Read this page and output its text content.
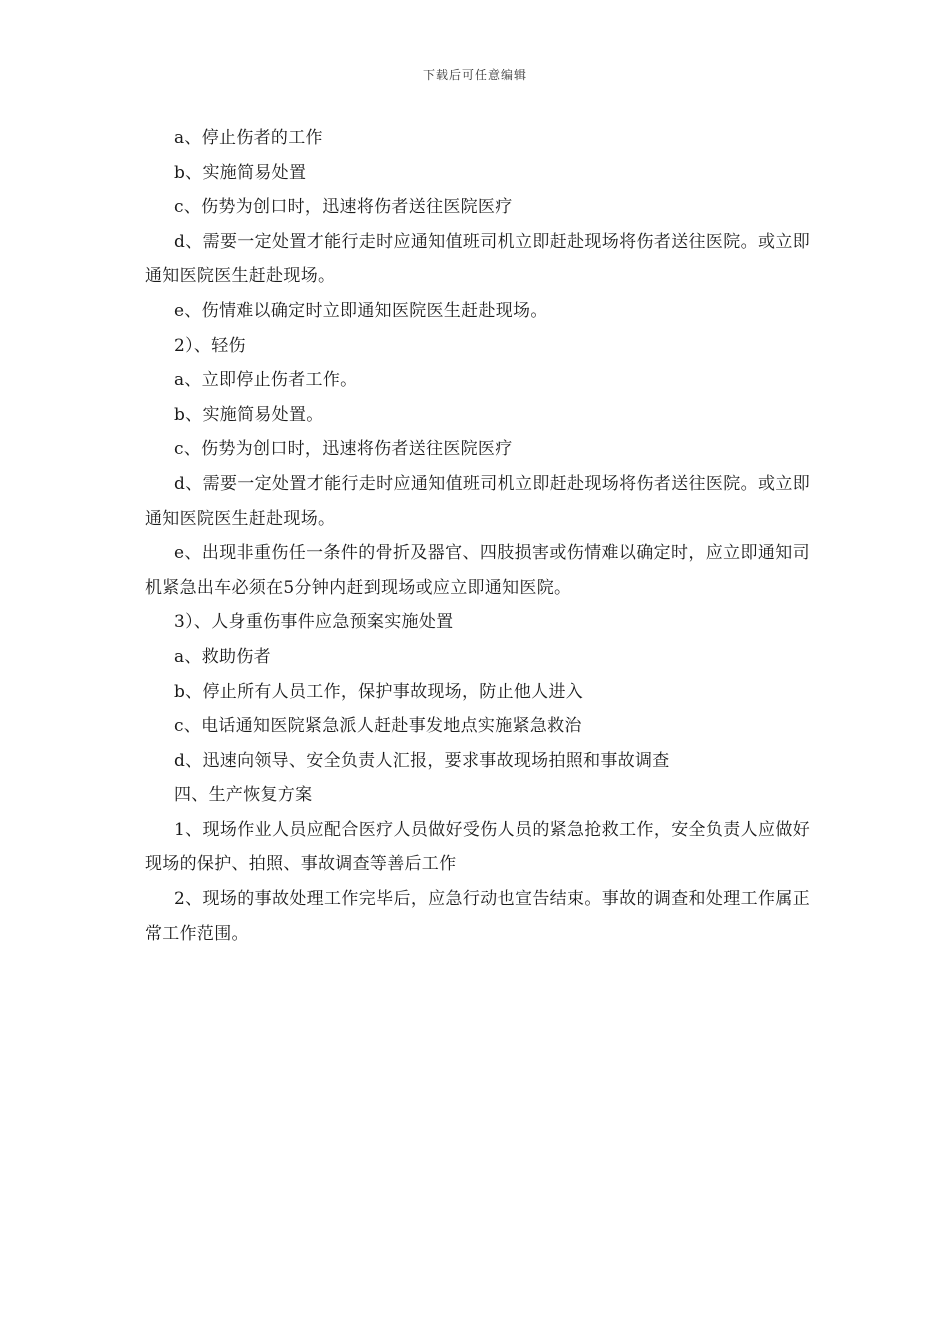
下载后可任意编辑

a、停止伤者的工作

b、实施简易处置

c、伤势为创口时，迅速将伤者送往医院医疗

d、需要一定处置才能行走时应通知值班司机立即赶赴现场将伤者送往医院。或立即通知医院医生赶赴现场。

e、伤情难以确定时立即通知医院医生赶赴现场。

2）、轻伤

a、立即停止伤者工作。

b、实施简易处置。

c、伤势为创口时，迅速将伤者送往医院医疗

d、需要一定处置才能行走时应通知值班司机立即赶赴现场将伤者送往医院。或立即通知医院医生赶赴现场。

e、出现非重伤任一条件的骨折及器官、四肢损害或伤情难以确定时，应立即通知司机紧急出车必须在5分钟内赶到现场或应立即通知医院。

3）、人身重伤事件应急预案实施处置

a、救助伤者

b、停止所有人员工作，保护事故现场，防止他人进入

c、电话通知医院紧急派人赶赴事发地点实施紧急救治

d、迅速向领导、安全负责人汇报，要求事故现场拍照和事故调查

四、生产恢复方案

1、现场作业人员应配合医疗人员做好受伤人员的紧急抢救工作，安全负责人应做好现场的保护、拍照、事故调查等善后工作

2、现场的事故处理工作完毕后，应急行动也宣告结束。事故的调查和处理工作属正常工作范围。
